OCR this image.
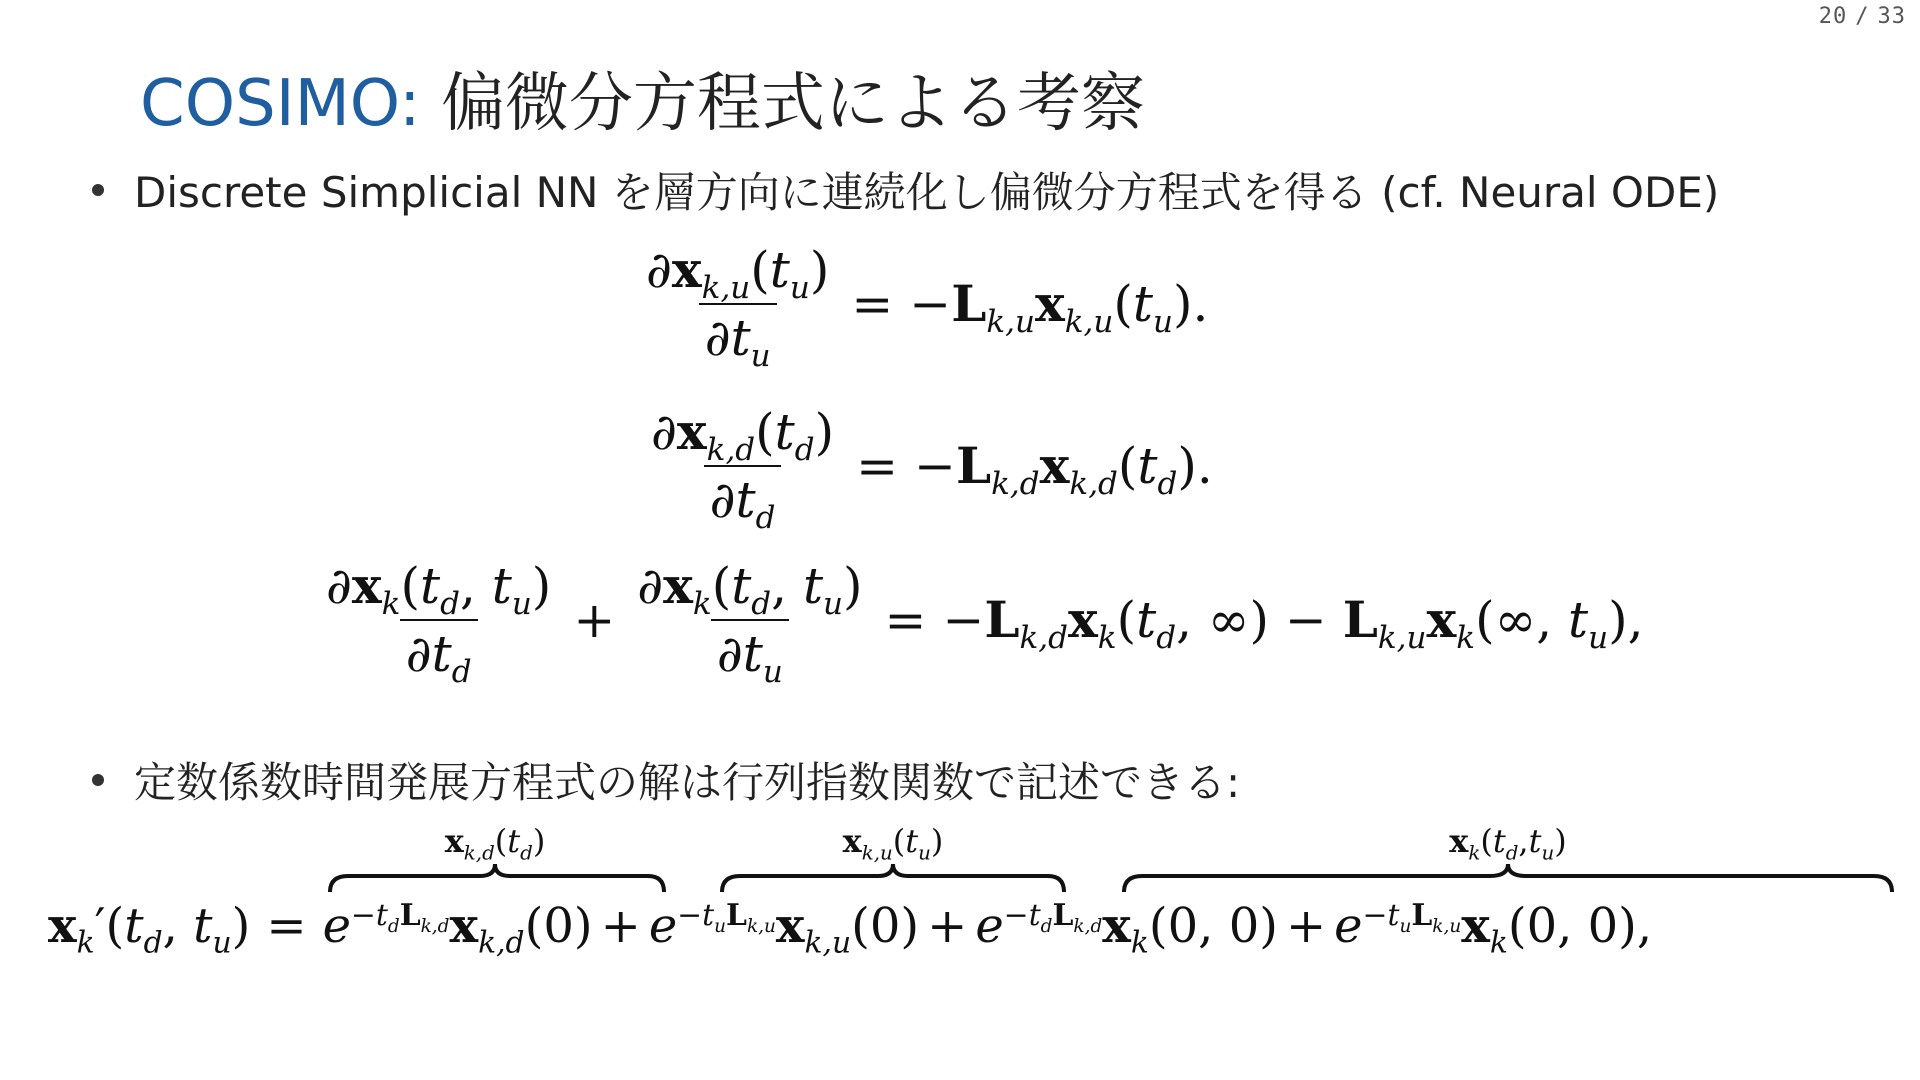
20 / 33
COSIMO: 偏微分方程式による考察
Discrete Simplicial NN を層方向に連続化し偏微分方程式を得る (cf. Neural ODE)
$\frac{\partial x_{k,u}(t_u)}{\partial t_u} = -L_{k,u}x_{k,u}(t_u)$.
$\frac{\partial x_{k,d}(t_d)}{\partial t_d} = -L_{k,d}x_{k,d}(t_d)$.
$\frac{\partial x_k(t_d, t_u)}{\partial t_d} + \frac{\partial x_k(t_d, t_u)}{\partial t_u} = -L_{k,d}x_k(t_d$, ∞) − $L_{k,u}x_k(\infty$, $t_u$),
定数係数時間発展方程式の解は行列指数関数で記述できる:
$x_{k,d}(t_d)$	$x_{k,u}(t_u)$	$x_k(t_d,t_u)$
$x_k'(t_d$, $t_u) = e^{-t_dL_{k,d}}x_{k,d}(0) + e^{-t_uL_{k,u}}x_{k,u}(0) + e^{-t_dL_{k,d}}x_k(0$, $0) + e^{-t_uL_{k,u}}x_k(0$, 0),
